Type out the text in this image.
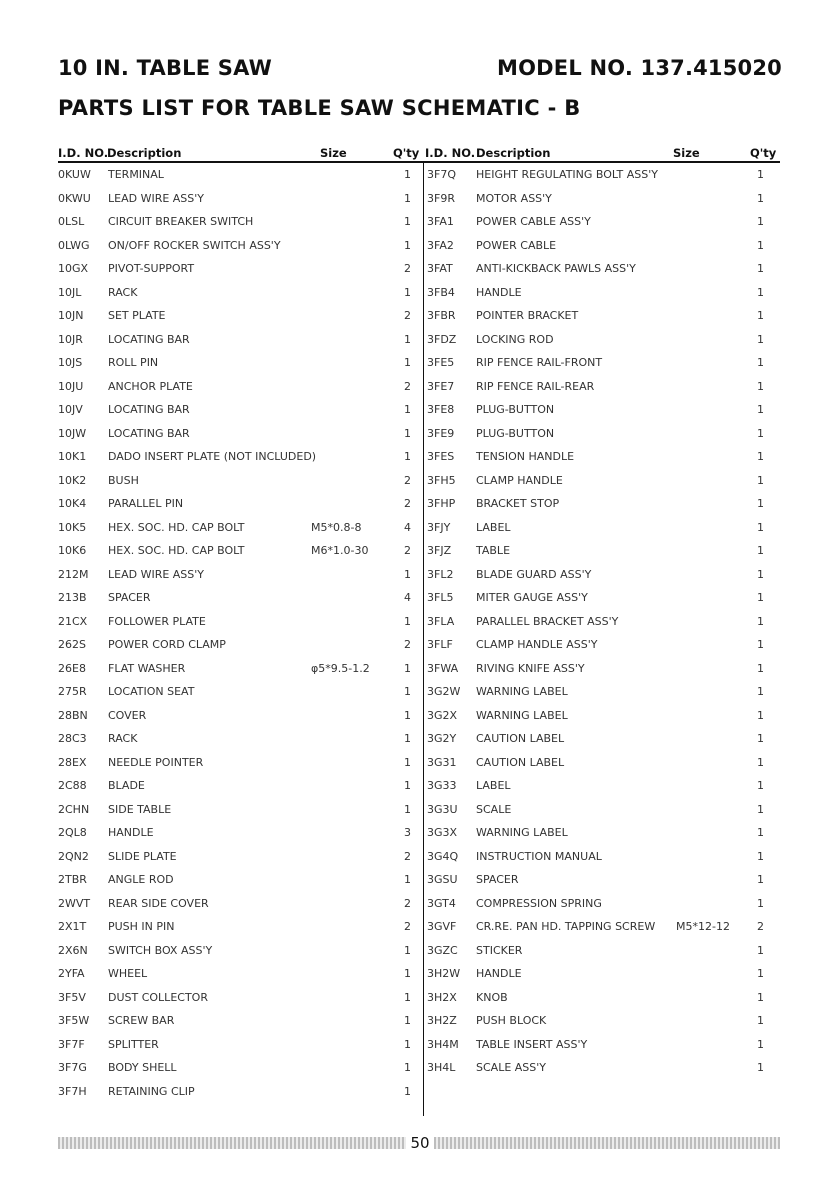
10 IN. TABLE SAW	MODEL NO. 137.415020
PARTS LIST FOR TABLE SAW SCHEMATIC - B
I.D. NO.
Description	Size	Q'ty I.D. NO. Description	Size	Q'ty
0KUW TERMINAL	1
0KWU LEAD WIRE ASS'Y	1
0LSL CIRCUIT BREAKER SWITCH	1
0LWG ON/OFF ROCKER SWITCH ASS'Y	1
10GX PIVOT-SUPPORT	2
10JL RACK	1
10JN SET PLATE	2
10JR LOCATING BAR	1
10JS ROLL PIN	1
10JU ANCHOR PLATE	2
10JV LOCATING BAR	1
10JW LOCATING BAR	1
10K1 DADO INSERT PLATE (NOT INCLUDED)	1
10K2 BUSH	2
10K4 PARALLEL PIN	2
10K5 HEX. SOC. HD. CAP BOLT	M5*0.8-8	4
10K6 HEX. SOC. HD. CAP BOLT	M6*1.0-30	2
212M LEAD WIRE ASS'Y	1
213B SPACER	4
21CX FOLLOWER PLATE	1
262S POWER CORD CLAMP	2
26E8 FLAT WASHER	φ5*9.5-1.2	1
275R LOCATION SEAT	1
28BN COVER	1
28C3 RACK	1
28EX NEEDLE POINTER	1
2C88 BLADE	1
2CHN SIDE TABLE	1
2QL8 HANDLE	3
2QN2 SLIDE PLATE	2
2TBR ANGLE ROD	1
2WVT REAR SIDE COVER	2
2X1T PUSH IN PIN	2
2X6N SWITCH BOX ASS'Y	1
2YFA WHEEL	1
3F5V DUST COLLECTOR	1
3F5W SCREW BAR	1
3F7F SPLITTER	1
3F7G BODY SHELL	1
3F7H RETAINING CLIP	1
3F7Q HEIGHT REGULATING BOLT ASS'Y	1
3F9R MOTOR ASS'Y	1
3FA1 POWER CABLE ASS'Y	1
3FA2 POWER CABLE	1
3FAT ANTI-KICKBACK PAWLS ASS'Y	1
3FB4 HANDLE	1
3FBR POINTER BRACKET	1
3FDZ LOCKING ROD	1
3FE5 RIP FENCE RAIL-FRONT	1
3FE7 RIP FENCE RAIL-REAR	1
3FE8 PLUG-BUTTON	1
3FE9 PLUG-BUTTON	1
3FES TENSION HANDLE	1
3FH5 CLAMP HANDLE	1
3FHP BRACKET STOP	1
3FJY LABEL	1
3FJZ TABLE	1
3FL2 BLADE GUARD ASS'Y	1
3FL5 MITER GAUGE ASS'Y	1
3FLA PARALLEL BRACKET ASS'Y	1
3FLF CLAMP HANDLE ASS'Y	1
3FWA RIVING KNIFE ASS'Y	1
3G2W WARNING LABEL	1
3G2X WARNING LABEL	1
3G2Y CAUTION LABEL	1
3G31 CAUTION LABEL	1
3G33 LABEL	1
3G3U SCALE	1
3G3X WARNING LABEL	1
3G4Q INSTRUCTION MANUAL	1
3GSU SPACER	1
3GT4 COMPRESSION SPRING	1
3GVF CR.RE. PAN HD. TAPPING SCREW M5*12-12 2
3GZC STICKER	1
3H2W HANDLE	1
3H2X KNOB	1
3H2Z PUSH BLOCK	1
3H4M TABLE INSERT ASS'Y	1
3H4L SCALE ASS'Y	1
50
